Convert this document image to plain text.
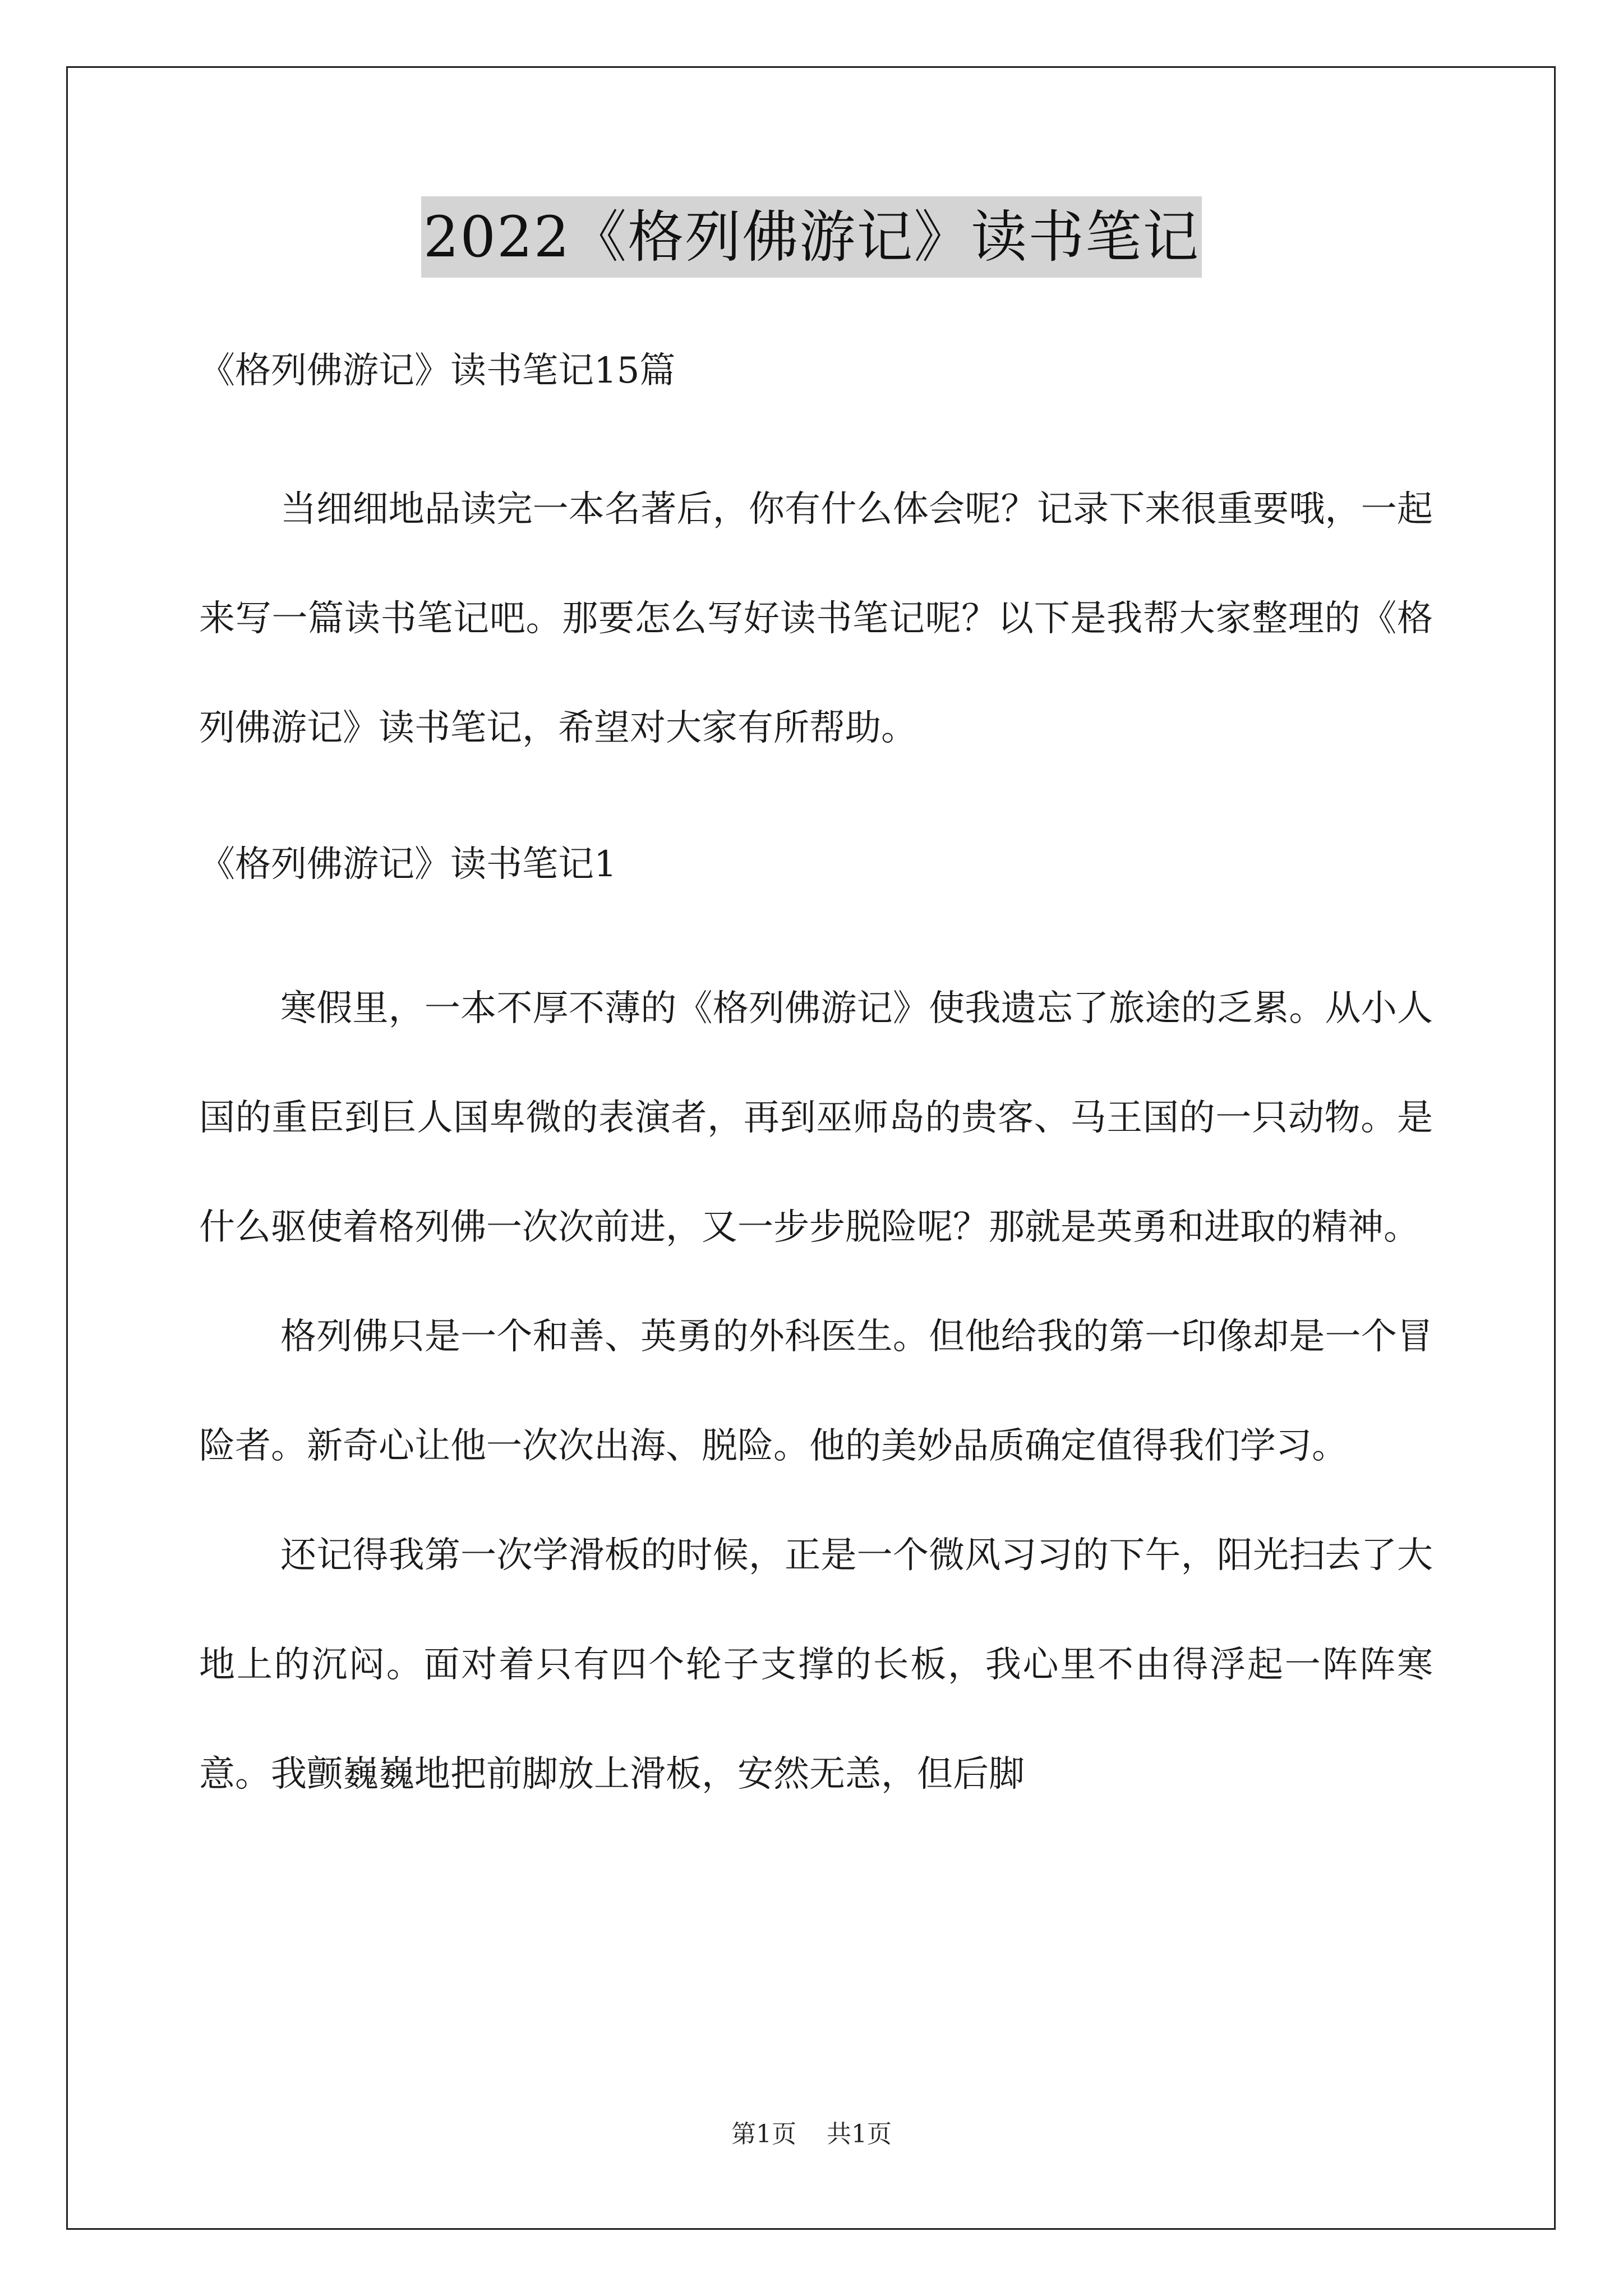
2022《格列佛游记》读书笔记

《格列佛游记》读书笔记15篇

当细细地品读完一本名著后，你有什么体会呢？记录下来很重要哦，一起来写一篇读书笔记吧。那要怎么写好读书笔记呢？以下是我帮大家整理的《格列佛游记》读书笔记，希望对大家有所帮助。

《格列佛游记》读书笔记1

寒假里，一本不厚不薄的《格列佛游记》使我遗忘了旅途的乏累。从小人国的重臣到巨人国卑微的表演者，再到巫师岛的贵客、马王国的一只动物。是什么驱使着格列佛一次次前进，又一步步脱险呢？那就是英勇和进取的精神。

格列佛只是一个和善、英勇的外科医生。但他给我的第一印像却是一个冒险者。新奇心让他一次次出海、脱险。他的美妙品质确定值得我们学习。

还记得我第一次学滑板的时候，正是一个微风习习的下午，阳光扫去了大地上的沉闷。面对着只有四个轮子支撑的长板，我心里不由得浮起一阵阵寒意。我颤巍巍地把前脚放上滑板，安然无恙，但后脚

第1页 共1页
